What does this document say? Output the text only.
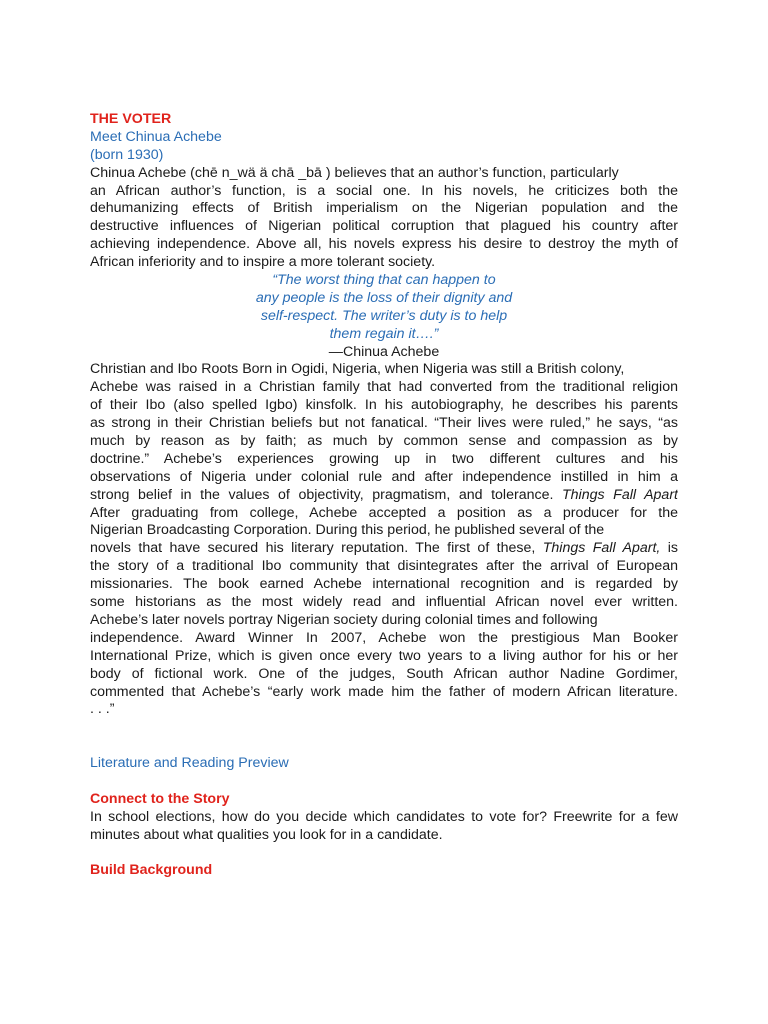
THE VOTER
Meet Chinua Achebe
(born 1930)
Chinua Achebe (chē n_wä ä chā _bā ) believes that an author’s function, particularly
an African author’s function, is a social one. In his novels, he criticizes both the
dehumanizing effects of British imperialism on the Nigerian population and the
destructive influences of Nigerian political corruption that plagued his country after
achieving independence. Above all, his novels express his desire to destroy the myth of
African inferiority and to inspire a more tolerant society.
“The worst thing that can happen to
any people is the loss of their dignity and
self-respect. The writer’s duty is to help
them regain it….”
—Chinua Achebe
Christian and Ibo Roots Born in Ogidi, Nigeria, when Nigeria was still a British colony,
Achebe was raised in a Christian family that had converted from the traditional religion
of their Ibo (also spelled Igbo) kinsfolk. In his autobiography, he describes his parents
as strong in their Christian beliefs but not fanatical. “Their lives were ruled,” he says, “as
much by reason as by faith; as much by common sense and compassion as by
doctrine.” Achebe’s experiences growing up in two different cultures and his
observations of Nigeria under colonial rule and after independence instilled in him a
strong belief in the values of objectivity, pragmatism, and tolerance. Things Fall Apart
After graduating from college, Achebe accepted a position as a producer for the
Nigerian Broadcasting Corporation. During this period, he published several of the
novels that have secured his literary reputation. The first of these, Things Fall Apart, is
the story of a traditional Ibo community that disintegrates after the arrival of European
missionaries. The book earned Achebe international recognition and is regarded by
some historians as the most widely read and influential African novel ever written.
Achebe’s later novels portray Nigerian society during colonial times and following
independence. Award Winner In 2007, Achebe won the prestigious Man Booker
International Prize, which is given once every two years to a living author for his or her
body of fictional work. One of the judges, South African author Nadine Gordimer,
commented that Achebe’s “early work made him the father of modern African literature.
. . .”
Literature and Reading Preview
Connect to the Story
In school elections, how do you decide which candidates to vote for? Freewrite for a few
minutes about what qualities you look for in a candidate.
Build Background
